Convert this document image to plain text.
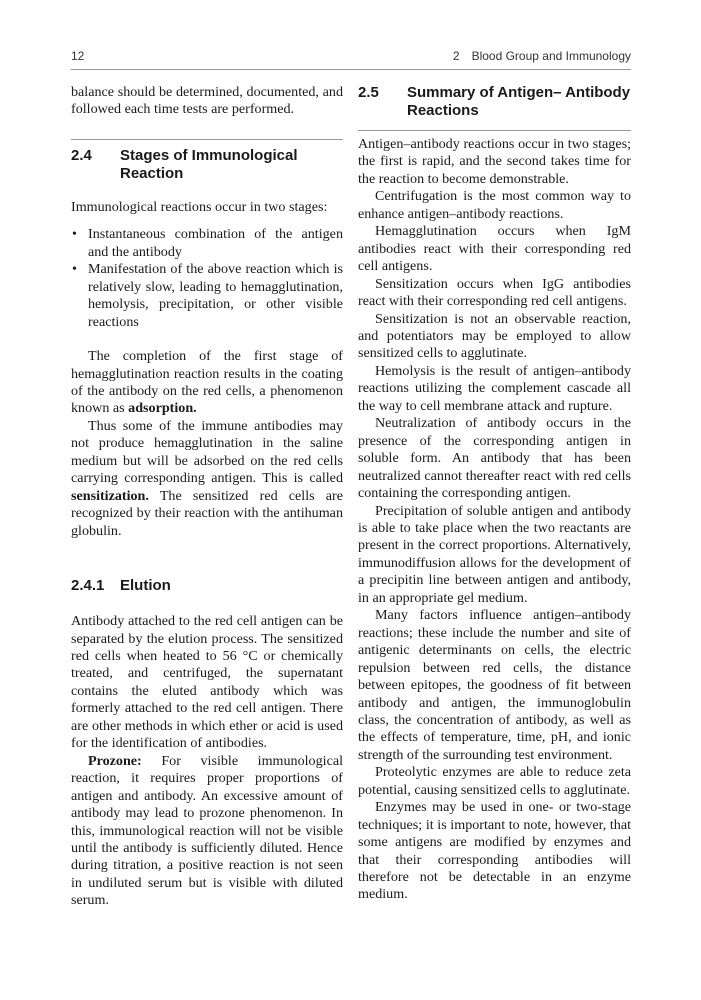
12	2 Blood Group and Immunology

balance should be determined, documented, and followed each time tests are performed.

2.4 Stages of Immunological Reaction

Immunological reactions occur in two stages:

• Instantaneous combination of the antigen and the antibody
• Manifestation of the above reaction which is relatively slow, leading to hemagglutination, hemolysis, precipitation, or other visible reactions

The completion of the first stage of hemagglutination reaction results in the coating of the antibody on the red cells, a phenomenon known as adsorption.

Thus some of the immune antibodies may not produce hemagglutination in the saline medium but will be adsorbed on the red cells carrying corresponding antigen. This is called sensitization. The sensitized red cells are recognized by their reaction with the antihuman globulin.

2.4.1 Elution

Antibody attached to the red cell antigen can be separated by the elution process. The sensitized red cells when heated to 56 °C or chemically treated, and centrifuged, the supernatant contains the eluted antibody which was formerly attached to the red cell antigen. There are other methods in which ether or acid is used for the identification of antibodies.

Prozone: For visible immunological reaction, it requires proper proportions of antigen and antibody. An excessive amount of antibody may lead to prozone phenomenon. In this, immunological reaction will not be visible until the antibody is sufficiently diluted. Hence during titration, a positive reaction is not seen in undiluted serum but is visible with diluted serum.

2.5 Summary of Antigen– Antibody Reactions

Antigen–antibody reactions occur in two stages; the first is rapid, and the second takes time for the reaction to become demonstrable.

Centrifugation is the most common way to enhance antigen–antibody reactions.

Hemagglutination occurs when IgM antibodies react with their corresponding red cell antigens.

Sensitization occurs when IgG antibodies react with their corresponding red cell antigens.

Sensitization is not an observable reaction, and potentiators may be employed to allow sensitized cells to agglutinate.

Hemolysis is the result of antigen–antibody reactions utilizing the complement cascade all the way to cell membrane attack and rupture.

Neutralization of antibody occurs in the presence of the corresponding antigen in soluble form. An antibody that has been neutralized cannot thereafter react with red cells containing the corresponding antigen.

Precipitation of soluble antigen and antibody is able to take place when the two reactants are present in the correct proportions. Alternatively, immunodiffusion allows for the development of a precipitin line between antigen and antibody, in an appropriate gel medium.

Many factors influence antigen–antibody reactions; these include the number and site of antigenic determinants on cells, the electric repulsion between red cells, the distance between epitopes, the goodness of fit between antibody and antigen, the immunoglobulin class, the concentration of antibody, as well as the effects of temperature, time, pH, and ionic strength of the surrounding test environment.

Proteolytic enzymes are able to reduce zeta potential, causing sensitized cells to agglutinate.

Enzymes may be used in one- or two-stage techniques; it is important to note, however, that some antigens are modified by enzymes and that their corresponding antibodies will therefore not be detectable in an enzyme medium.
